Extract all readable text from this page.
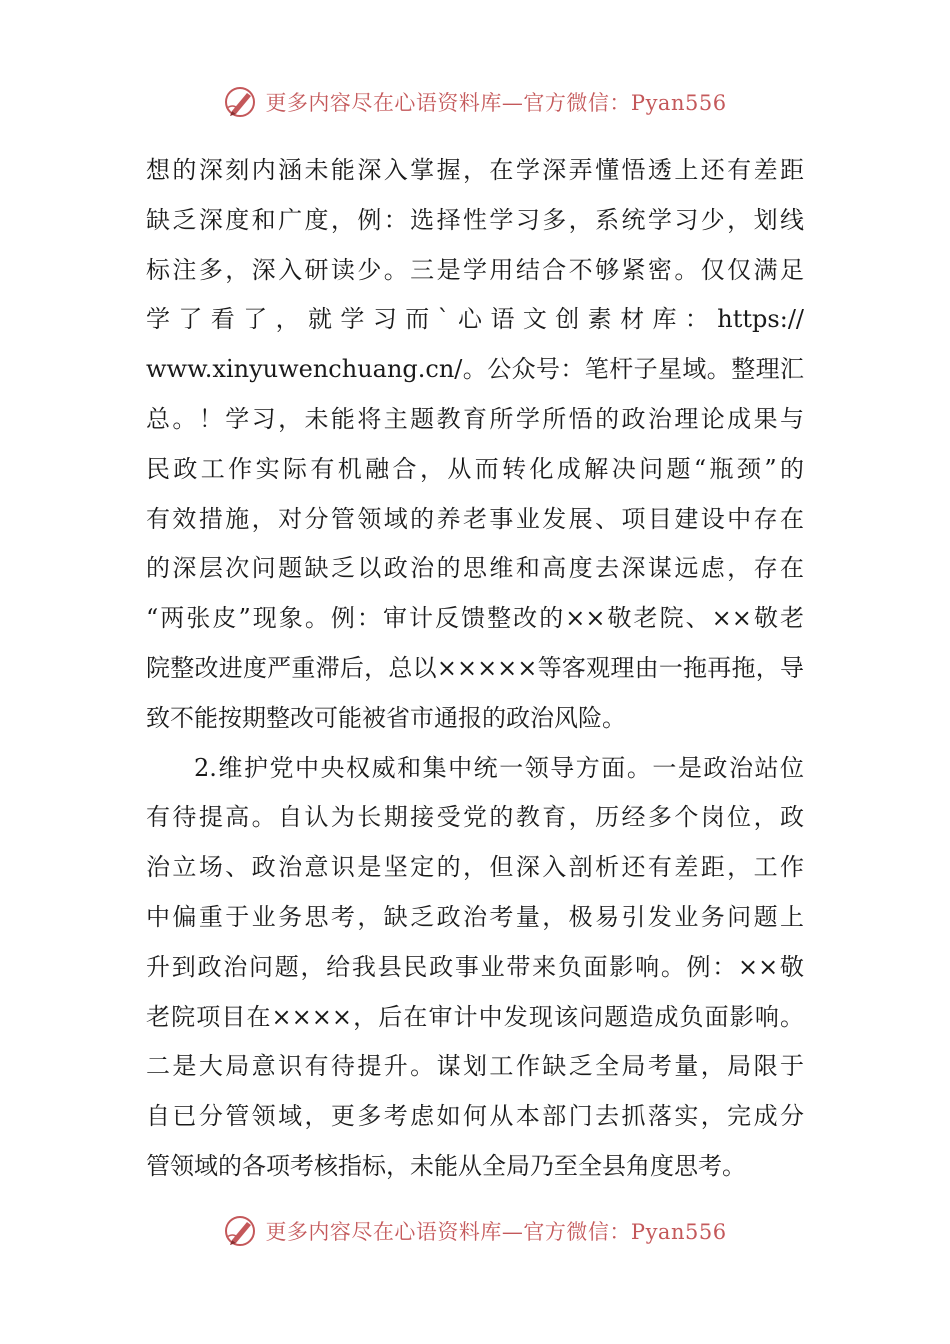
更多内容尽在心语资料库—官方微信：Pyan556
想的深刻内涵未能深入掌握，在学深弄懂悟透上还有差距
缺乏深度和广度，例：选择性学习多，系统学习少，划线
标注多，深入研读少。三是学用结合不够紧密。仅仅满足
学了看了，就学习而`心语文创素材库：https://
www.xinyuwenchuang.cn/。公众号：笔杆子星域。整理汇
总。！学习，未能将主题教育所学所悟的政治理论成果与
民政工作实际有机融合，从而转化成解决问题“瓶颈”的
有效措施，对分管领域的养老事业发展、项目建设中存在
的深层次问题缺乏以政治的思维和高度去深谋远虑，存在
“两张皮”现象。例：审计反馈整改的××敬老院、××敬老
院整改进度严重滞后，总以×××××等客观理由一拖再拖，导
致不能按期整改可能被省市通报的政治风险。
2.维护党中央权威和集中统一领导方面。一是政治站位
有待提高。自认为长期接受党的教育，历经多个岗位，政
治立场、政治意识是坚定的，但深入剖析还有差距，工作
中偏重于业务思考，缺乏政治考量，极易引发业务问题上
升到政治问题，给我县民政事业带来负面影响。例：××敬
老院项目在××××，后在审计中发现该问题造成负面影响。
二是大局意识有待提升。谋划工作缺乏全局考量，局限于
自已分管领域，更多考虑如何从本部门去抓落实，完成分
管领域的各项考核指标，未能从全局乃至全县角度思考。
更多内容尽在心语资料库—官方微信：Pyan556
